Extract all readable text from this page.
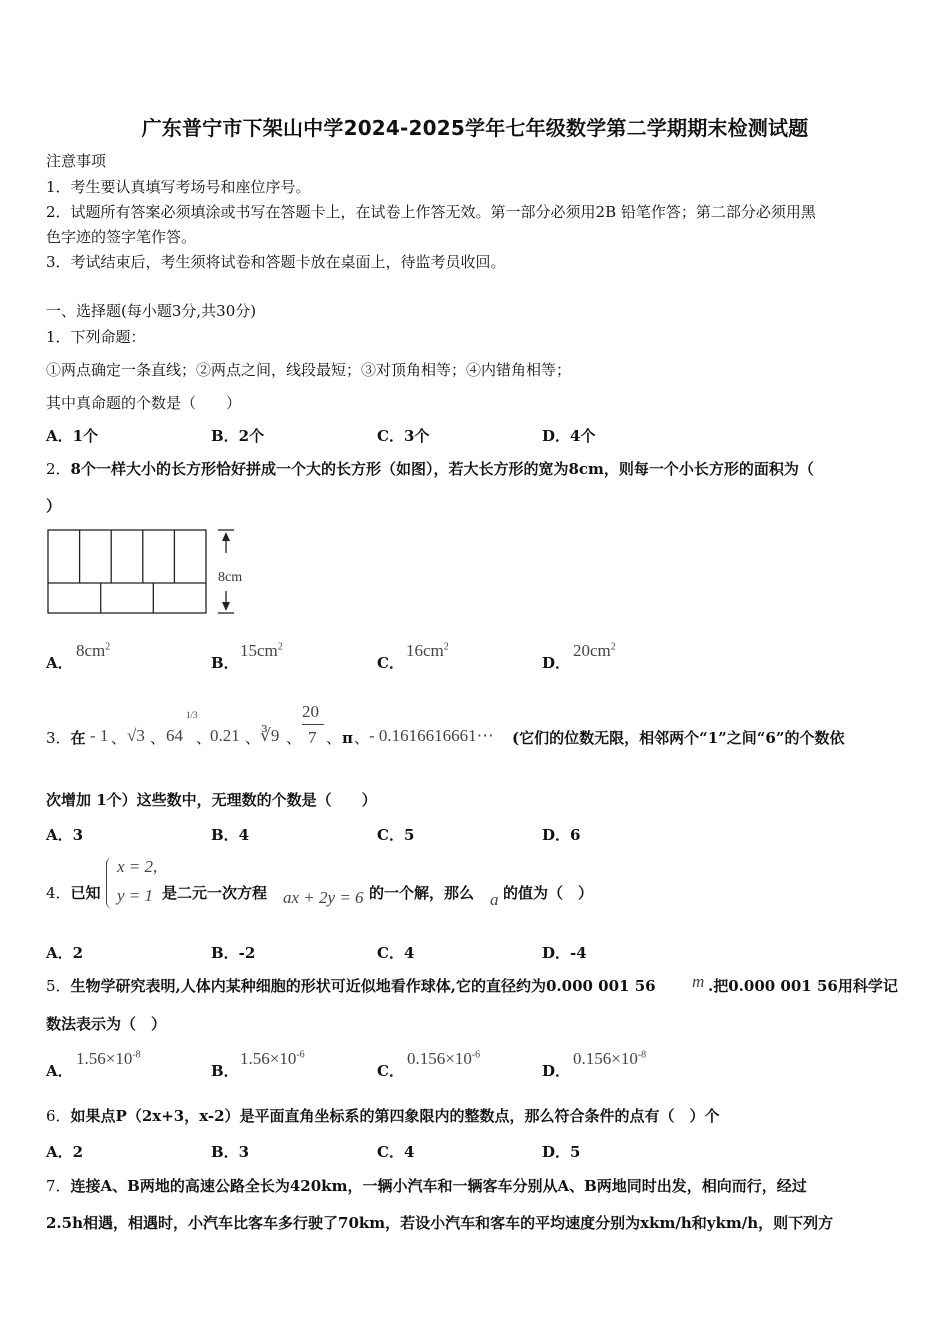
广东普宁市下架山中学2024-2025学年七年级数学第二学期期末检测试题
注意事项
1．考生要认真填写考场号和座位序号。
2．试题所有答案必须填涂或书写在答题卡上，在试卷上作答无效。第一部分必须用2B 铅笔作答；第二部分必须用黑
色字迹的签字笔作答。
3．考试结束后，考生须将试卷和答题卡放在桌面上，待监考员收回。
一、选择题(每小题3分,共30分)
1．下列命题：
①两点确定一条直线；②两点之间，线段最短；③对顶角相等；④内错角相等；
其中真命题的个数是（　　）
A．1个	B．2个	C．3个	D．4个
2．8个一样大小的长方形恰好拼成一个大的长方形（如图），若大长方形的宽为8cm，则每一个小长方形的面积为（
）
8cm
A．
$8cm^2$
B．
$15cm^2$
C．
$16cm^2$
D．
$20cm^2$
3．在 - 1 、 √3 、 64
1/3
、
0.21 、 ∛9 、
20
7 、 π 、 - 0.1616616661⋯ (它们的位数无限，相邻两个“1”之间“6”的个数依
次增加 1个）这些数中，无理数的个数是（　　）
A．3	B．4	C．5	D．6
4．已知
x = 2,
y = 1 是二元一次方程 ax + 2y = 6 的一个解，那么 a 的值为（　）
A．2	B．-2	C．4	D．-4
5．生物学研究表明,人体内某种细胞的形状可近似地看作球体,它的直径约为0.000 001 56 m .把0.000 001 56用科学记
数法表示为（　）
A．
$1.56\times 10^{-8}$
B．
$1.56\times 10^{-6}$
C．
$0.156\times 10^{-6}$
D．
$0.156\times 10^{-8}$
6．如果点P（2x+3，x-2）是平面直角坐标系的第四象限内的整数点，那么符合条件的点有（　）个
A．2	B．3	C．4	D．5
7．连接A、B两地的高速公路全长为420km，一辆小汽车和一辆客车分别从A、B两地同时出发，相向而行，经过
2.5h相遇，相遇时，小汽车比客车多行驶了70km，若设小汽车和客车的平均速度分别为xkm/h和ykm/h，则下列方
